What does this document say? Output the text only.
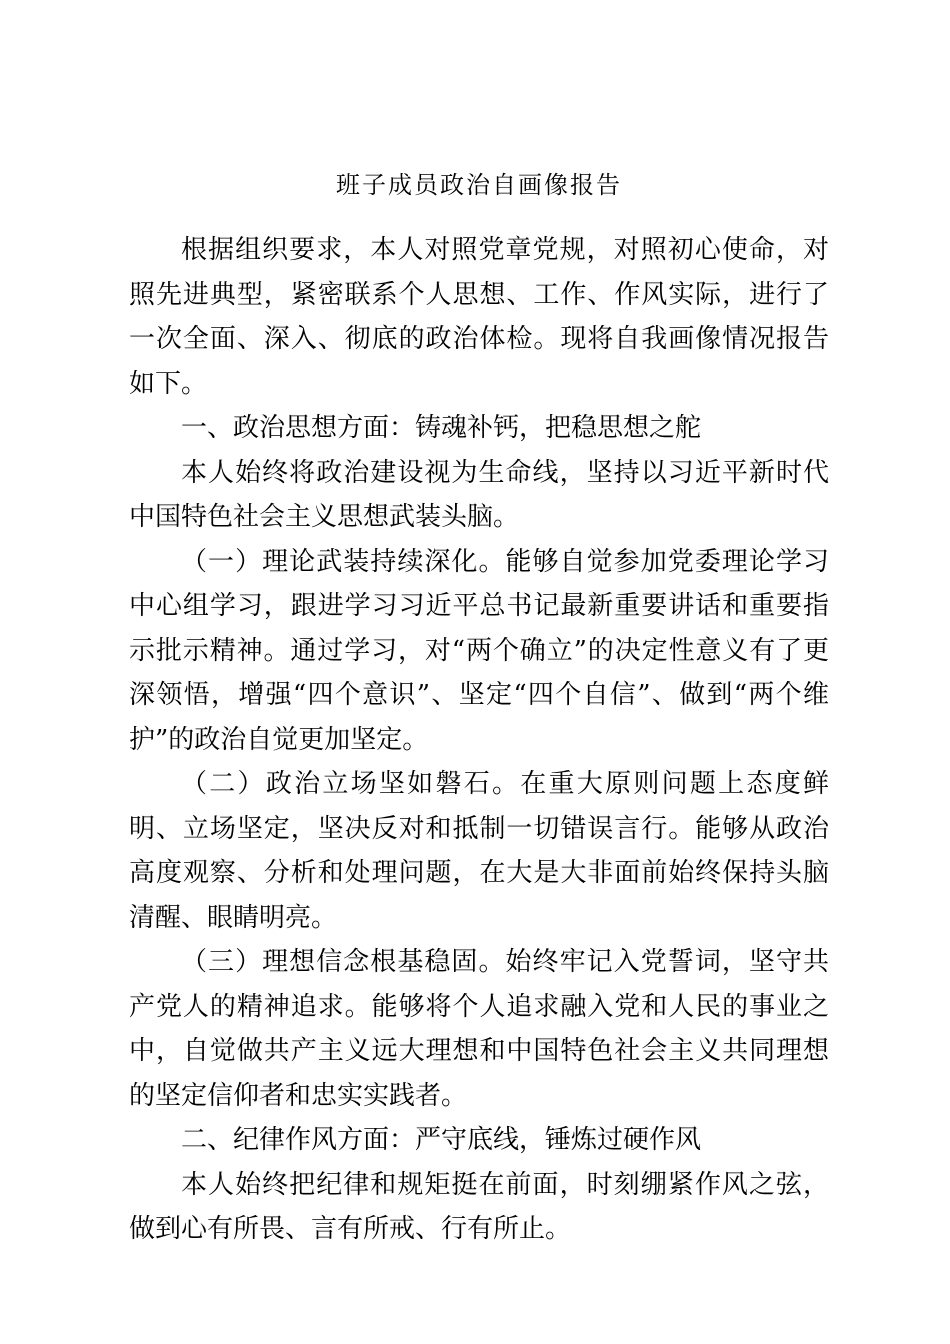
班子成员政治自画像报告

根据组织要求，本人对照党章党规，对照初心使命，对照先进典型，紧密联系个人思想、工作、作风实际，进行了一次全面、深入、彻底的政治体检。现将自我画像情况报告如下。

一、政治思想方面：铸魂补钙，把稳思想之舵

本人始终将政治建设视为生命线，坚持以习近平新时代中国特色社会主义思想武装头脑。

（一）理论武装持续深化。能够自觉参加党委理论学习中心组学习，跟进学习习近平总书记最新重要讲话和重要指示批示精神。通过学习，对“两个确立”的决定性意义有了更深领悟，增强“四个意识”、坚定“四个自信”、做到“两个维护”的政治自觉更加坚定。

（二）政治立场坚如磐石。在重大原则问题上态度鲜明、立场坚定，坚决反对和抵制一切错误言行。能够从政治高度观察、分析和处理问题，在大是大非面前始终保持头脑清醒、眼睛明亮。

（三）理想信念根基稳固。始终牢记入党誓词，坚守共产党人的精神追求。能够将个人追求融入党和人民的事业之中，自觉做共产主义远大理想和中国特色社会主义共同理想的坚定信仰者和忠实实践者。

二、纪律作风方面：严守底线，锤炼过硬作风

本人始终把纪律和规矩挺在前面，时刻绷紧作风之弦，做到心有所畏、言有所戒、行有所止。
